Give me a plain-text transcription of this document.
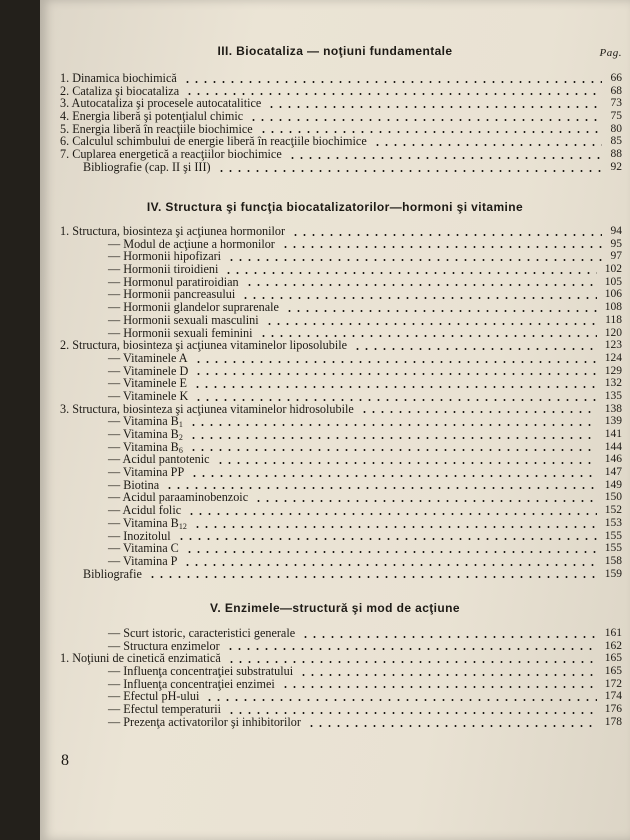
Pag.
III. Biocataliza — noţiuni fundamentale
1. Dinamica biochimică	66
2. Cataliza şi biocataliza	68
3. Autocataliza şi procesele autocatalitice	73
4. Energia liberă şi potenţialul chimic	75
5. Energia liberă în reacţiile biochimice	80
6. Calculul schimbului de energie liberă în reacţiile biochimice	85
7. Cuplarea energetică a reacţiilor biochimice	88
Bibliografie (cap. II şi III)	92
IV. Structura şi funcţia biocatalizatorilor—hormoni şi vitamine
1. Structura, biosinteza şi acţiunea hormonilor	94
— Modul de acţiune a hormonilor	95
— Hormonii hipofizari	97
— Hormonii tiroidieni	102
— Hormonul paratiroidian	105
— Hormonii pancreasului	106
— Hormonii glandelor suprarenale	108
— Hormonii sexuali masculini	118
— Hormonii sexuali feminini	120
2. Structura, biosinteza şi acţiunea vitaminelor liposolubile	123
— Vitaminele A	124
— Vitaminele D	129
— Vitaminele E	132
— Vitaminele K	135
3. Structura, biosinteza şi acţiunea vitaminelor hidrosolubile	138
— Vitamina $B_1$	139
— Vitamina $B_2$	141
— Vitamina $B_6$	144
— Acidul pantotenic	146
— Vitamina PP	147
— Biotina	149
— Acidul paraaminobenzoic	150
— Acidul folic	152
— Vitamina $B_{12}$	153
— Inozitolul	155
— Vitamina C	155
— Vitamina P	158
Bibliografie	159
V. Enzimele—structură şi mod de acţiune
— Scurt istoric, caracteristici generale	161
— Structura enzimelor	162
1. Noţiuni de cinetică enzimatică	165
— Influenţa concentraţiei substratului	165
— Influenţa concentraţiei enzimei	172
— Efectul pH-ului	174
— Efectul temperaturii	176
— Prezenţa activatorilor şi inhibitorilor	178
8
